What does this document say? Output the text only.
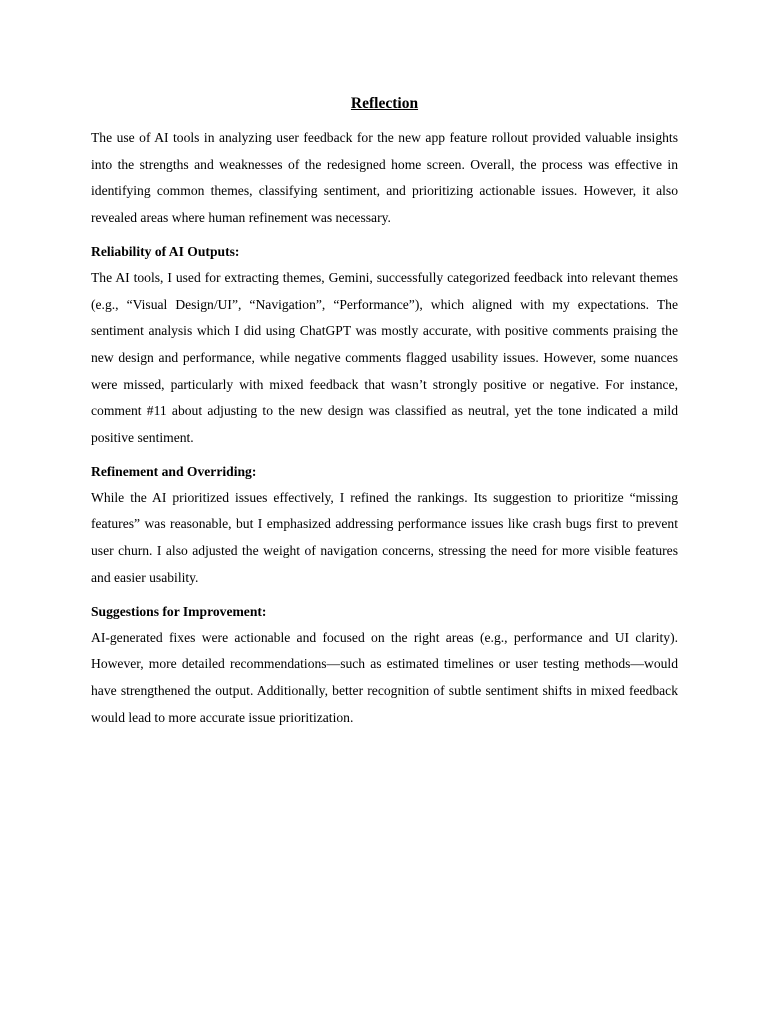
Reflection

The use of AI tools in analyzing user feedback for the new app feature rollout provided valuable insights into the strengths and weaknesses of the redesigned home screen. Overall, the process was effective in identifying common themes, classifying sentiment, and prioritizing actionable issues. However, it also revealed areas where human refinement was necessary.

Reliability of AI Outputs:

The AI tools, I used for extracting themes, Gemini, successfully categorized feedback into relevant themes (e.g., “Visual Design/UI”, “Navigation”, “Performance”), which aligned with my expectations. The sentiment analysis which I did using ChatGPT was mostly accurate, with positive comments praising the new design and performance, while negative comments flagged usability issues. However, some nuances were missed, particularly with mixed feedback that wasn’t strongly positive or negative. For instance, comment #11 about adjusting to the new design was classified as neutral, yet the tone indicated a mild positive sentiment.

Refinement and Overriding:

While the AI prioritized issues effectively, I refined the rankings. Its suggestion to prioritize “missing features” was reasonable, but I emphasized addressing performance issues like crash bugs first to prevent user churn. I also adjusted the weight of navigation concerns, stressing the need for more visible features and easier usability.

Suggestions for Improvement:

AI-generated fixes were actionable and focused on the right areas (e.g., performance and UI clarity). However, more detailed recommendations—such as estimated timelines or user testing methods—would have strengthened the output. Additionally, better recognition of subtle sentiment shifts in mixed feedback would lead to more accurate issue prioritization.
